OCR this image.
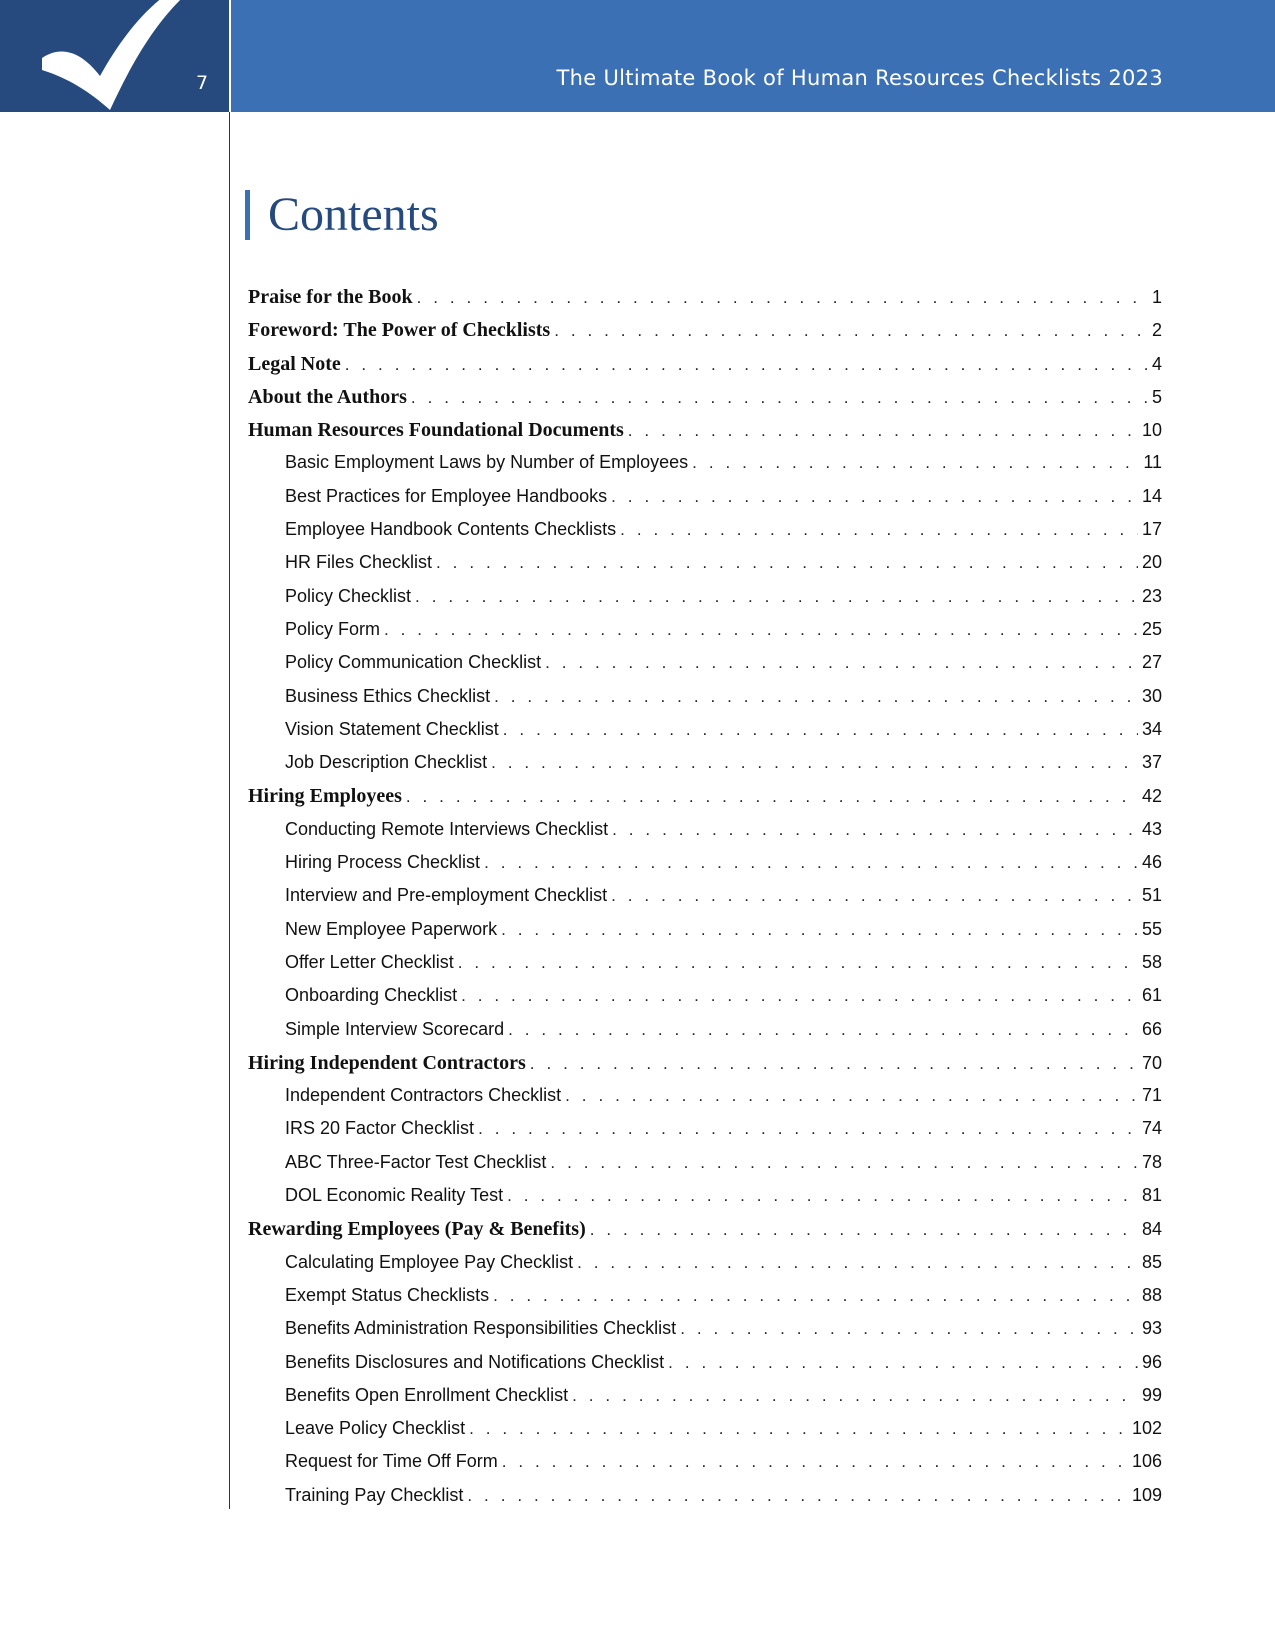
7	The Ultimate Book of Human Resources Checklists 2023
Contents
Praise for the Book . . .	1
Foreword: The Power of Checklists . . .	2
Legal Note . . .	4
About the Authors . . .	5
Human Resources Foundational Documents . . .	10
Basic Employment Laws by Number of Employees . . .	11
Best Practices for Employee Handbooks . . .	14
Employee Handbook Contents Checklists . . .	17
HR Files Checklist . . .	20
Policy Checklist . . .	23
Policy Form . . .	25
Policy Communication Checklist . . .	27
Business Ethics Checklist . . .	30
Vision Statement Checklist . . .	34
Job Description Checklist . . .	37
Hiring Employees . . .	42
Conducting Remote Interviews Checklist . . .	43
Hiring Process Checklist . . .	46
Interview and Pre-employment Checklist . . .	51
New Employee Paperwork . . .	55
Offer Letter Checklist . . .	58
Onboarding Checklist . . .	61
Simple Interview Scorecard . . .	66
Hiring Independent Contractors . . .	70
Independent Contractors Checklist . . .	71
IRS 20 Factor Checklist . . .	74
ABC Three-Factor Test Checklist . . .	78
DOL Economic Reality Test . . .	81
Rewarding Employees (Pay & Benefits) . . .	84
Calculating Employee Pay Checklist . . .	85
Exempt Status Checklists . . .	88
Benefits Administration Responsibilities Checklist . . .	93
Benefits Disclosures and Notifications Checklist . . .	96
Benefits Open Enrollment Checklist . . .	99
Leave Policy Checklist . . .	102
Request for Time Off Form . . .	106
Training Pay Checklist . . .	109
